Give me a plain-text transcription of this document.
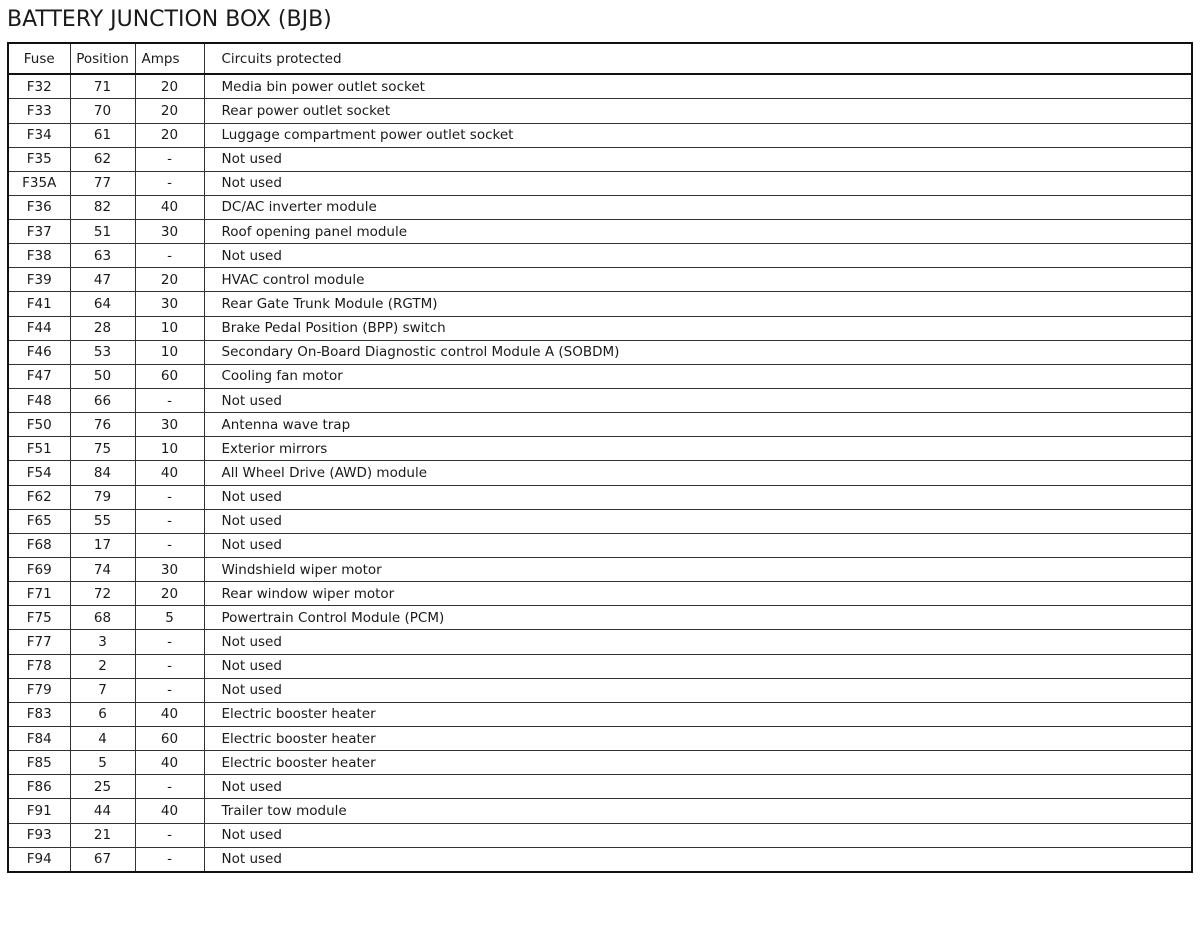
BATTERY JUNCTION BOX (BJB)
Fuse	Position	Amps	Circuits protected
F32	71	20	Media bin power outlet socket
F33	70	20	Rear power outlet socket
F34	61	20	Luggage compartment power outlet socket
F35	62	-	Not used
F35A	77	-	Not used
F36	82	40	DC/AC inverter module
F37	51	30	Roof opening panel module
F38	63	-	Not used
F39	47	20	HVAC control module
F41	64	30	Rear Gate Trunk Module (RGTM)
F44	28	10	Brake Pedal Position (BPP) switch
F46	53	10	Secondary On-Board Diagnostic control Module A (SOBDM)
F47	50	60	Cooling fan motor
F48	66	-	Not used
F50	76	30	Antenna wave trap
F51	75	10	Exterior mirrors
F54	84	40	All Wheel Drive (AWD) module
F62	79	-	Not used
F65	55	-	Not used
F68	17	-	Not used
F69	74	30	Windshield wiper motor
F71	72	20	Rear window wiper motor
F75	68	5	Powertrain Control Module (PCM)
F77	3	-	Not used
F78	2	-	Not used
F79	7	-	Not used
F83	6	40	Electric booster heater
F84	4	60	Electric booster heater
F85	5	40	Electric booster heater
F86	25	-	Not used
F91	44	40	Trailer tow module
F93	21	-	Not used
F94	67	-	Not used
